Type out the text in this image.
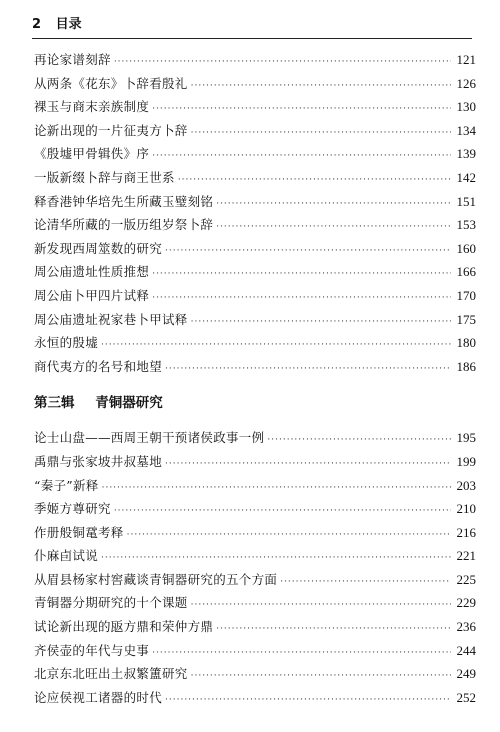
2 目录
再论家谱刻辞 ·····	121
从两条《花东》卜辞看殷礼 ·····	126
裸玉与商末亲族制度 ·····	130
论新出现的一片征夷方卜辞 ·····	134
《殷墟甲骨辑佚》序 ·····	139
一版新缀卜辞与商王世系 ·····	142
释香港钟华培先生所藏玉璧刻铭 ·····	151
论清华所藏的一版历组岁祭卜辞 ·····	153
新发现西周筮数的研究 ·····	160
周公庙遗址性质推想 ·····	166
周公庙卜甲四片试释 ·····	170
周公庙遗址祝家巷卜甲试释 ·····	175
永恒的殷墟 ·····	180
商代夷方的名号和地望 ·····	186
第三辑 青铜器研究
论士山盘——西周王朝干预诸侯政事一例 ·····	195
禹鼎与张家坡井叔墓地 ·····	199
“秦子”新释 ·····	203
季姬方尊研究 ·····	210
作册般铜鼋考释 ·····	216
仆麻卣试说 ·····	221
从眉县杨家村窖藏谈青铜器研究的五个方面 ·····	225
青铜器分期研究的十个课题 ·····	229
试论新出现的瓪方鼎和荣仲方鼎 ·····	236
齐侯壶的年代与史事 ·····	244
北京东北旺出土叔繁簠研究 ·····	249
论应侯视工诸器的时代 ·····	252
